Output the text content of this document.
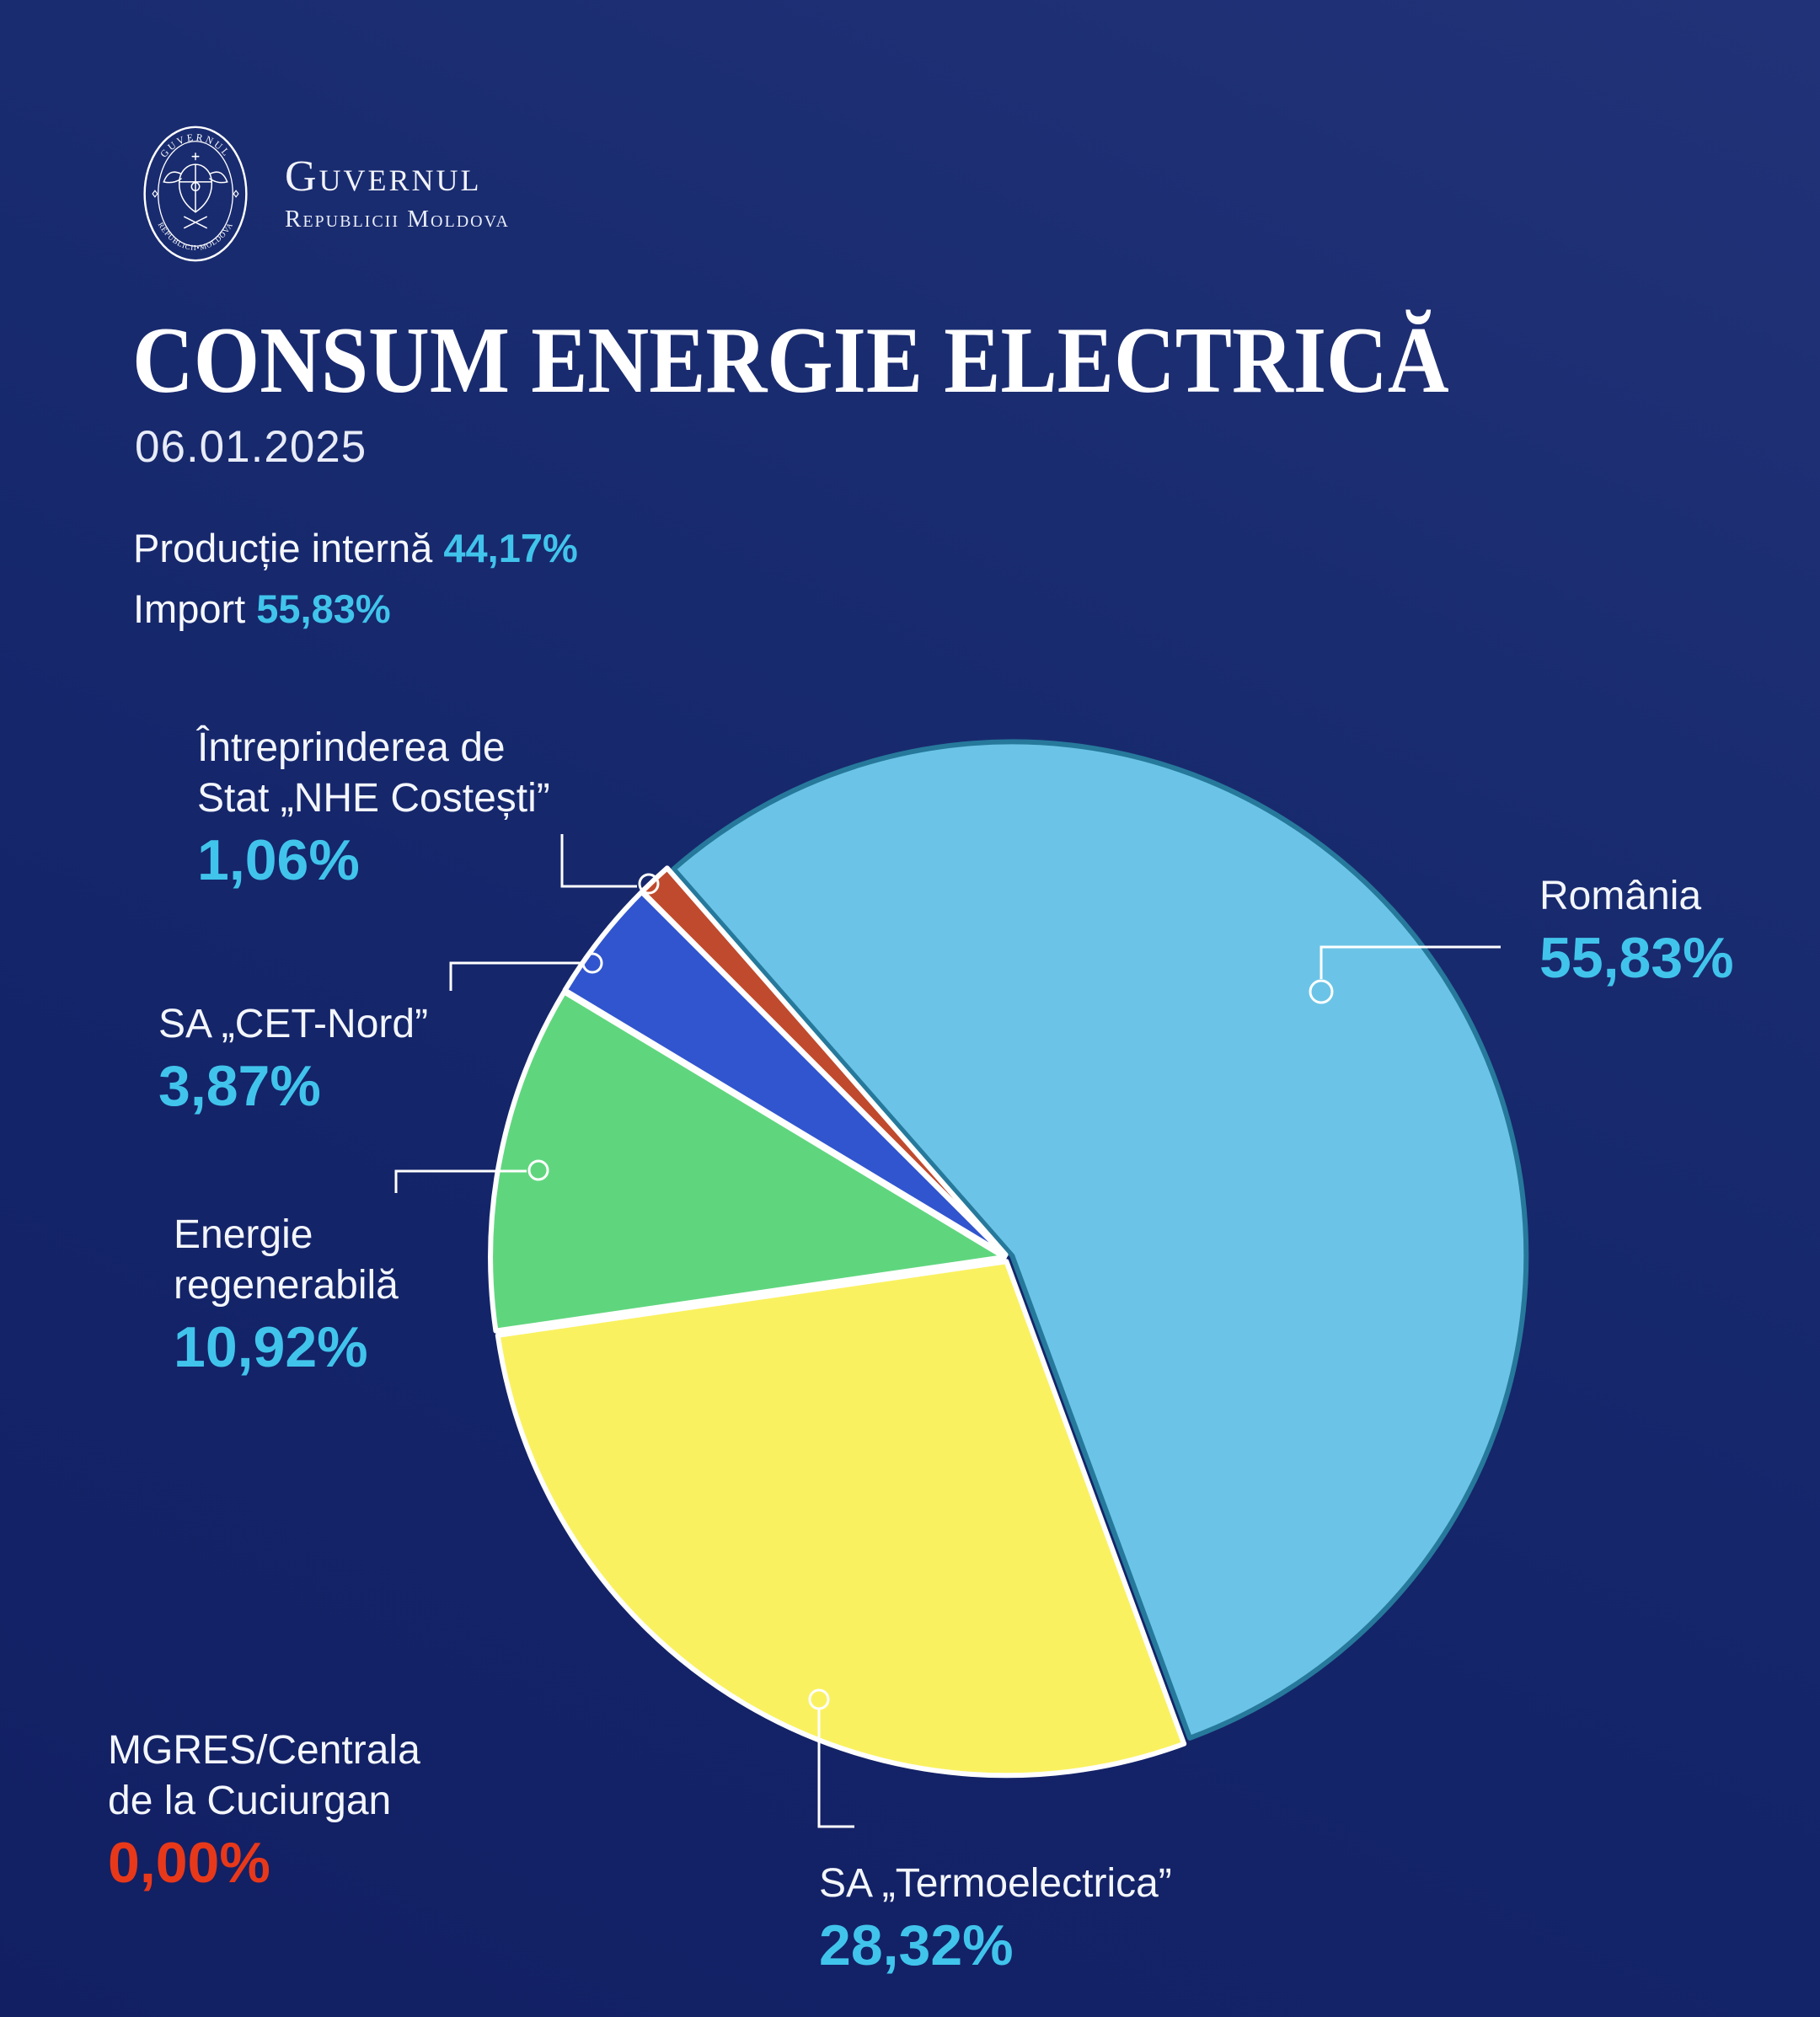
GUVERNUL
REPUBLICII•MOLDOVA
Guvernul
Republicii Moldova
CONSUM ENERGIE ELECTRICĂ
06.01.2025
Producție internă 44,17%
Import 55,83%
Întreprinderea de
Stat „NHE Costești”
1,06%
SA „CET-Nord”
3,87%
Energie
regenerabilă
10,92%
MGRES/Centrala
de la Cuciurgan
0,00%	SA „Termoelectrica”
28,32%
România
55,83%
